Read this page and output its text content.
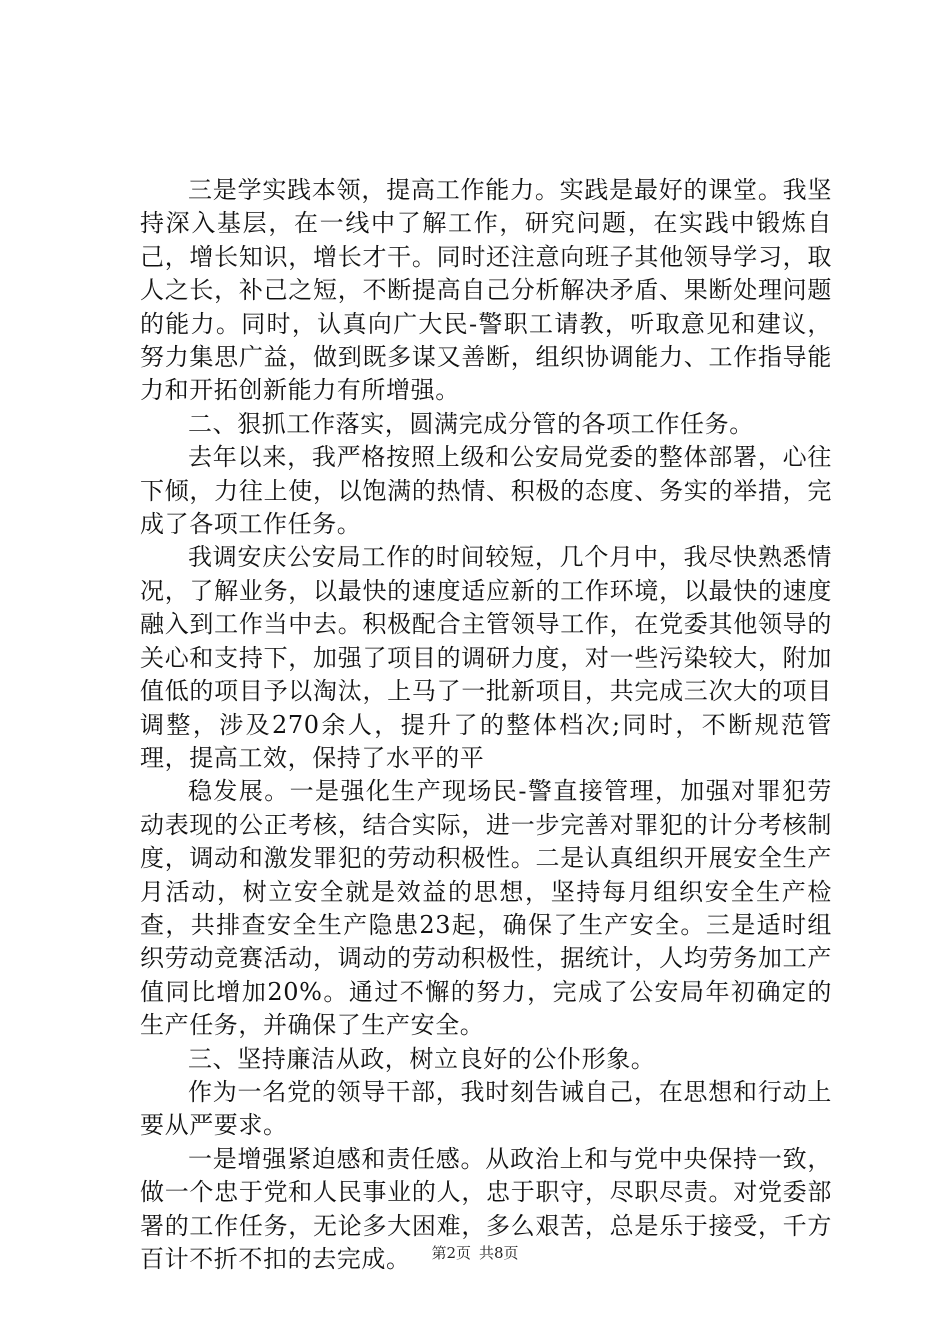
三是学实践本领，提高工作能力。实践是最好的课堂。我坚持深入基层，在一线中了解工作，研究问题，在实践中锻炼自己，增长知识，增长才干。同时还注意向班子其他领导学习，取人之长，补己之短，不断提高自己分析解决矛盾、果断处理问题的能力。同时，认真向广大民-警职工请教，听取意见和建议，努力集思广益，做到既多谋又善断，组织协调能力、工作指导能力和开拓创新能力有所增强。

二、狠抓工作落实，圆满完成分管的各项工作任务。

去年以来，我严格按照上级和公安局党委的整体部署，心往下倾，力往上使，以饱满的热情、积极的态度、务实的举措，完成了各项工作任务。

我调安庆公安局工作的时间较短，几个月中，我尽快熟悉情况，了解业务，以最快的速度适应新的工作环境，以最快的速度融入到工作当中去。积极配合主管领导工作，在党委其他领导的关心和支持下，加强了项目的调研力度，对一些污染较大，附加值低的项目予以淘汰，上马了一批新项目，共完成三次大的项目调整，涉及270余人，提升了的整体档次;同时，不断规范管理，提高工效，保持了水平的平

稳发展。一是强化生产现场民-警直接管理，加强对罪犯劳动表现的公正考核，结合实际，进一步完善对罪犯的计分考核制度，调动和激发罪犯的劳动积极性。二是认真组织开展安全生产月活动，树立安全就是效益的思想，坚持每月组织安全生产检查，共排查安全生产隐患23起，确保了生产安全。三是适时组织劳动竞赛活动，调动的劳动积极性，据统计，人均劳务加工产值同比增加20%。通过不懈的努力，完成了公安局年初确定的生产任务，并确保了生产安全。

三、坚持廉洁从政，树立良好的公仆形象。

作为一名党的领导干部，我时刻告诫自己，在思想和行动上要从严要求。

一是增强紧迫感和责任感。从政治上和与党中央保持一致，做一个忠于党和人民事业的人，忠于职守，尽职尽责。对党委部署的工作任务，无论多大困难，多么艰苦，总是乐于接受，千方百计不折不扣的去完成。	第2页 共8页
